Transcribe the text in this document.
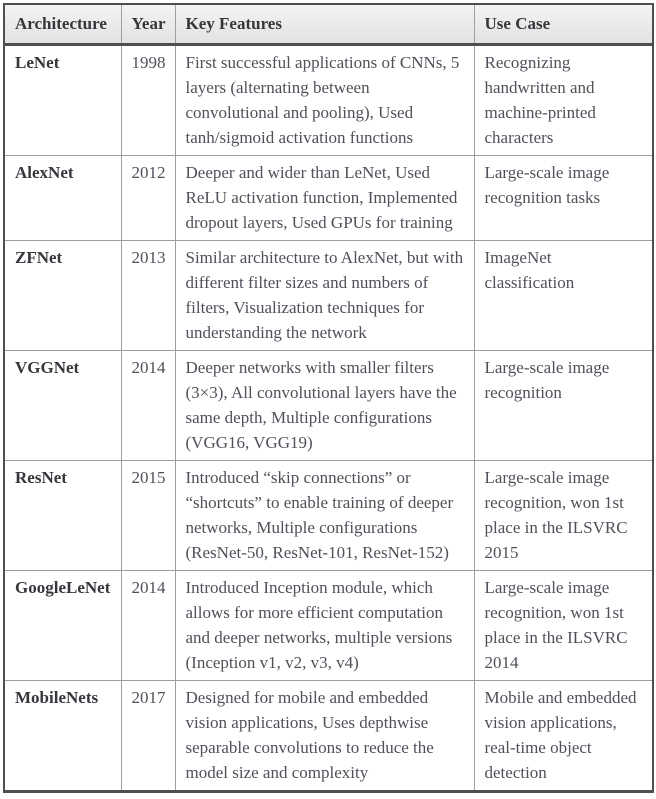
Architecture	Year	Key Features	Use Case
LeNet	1998	First successful applications of CNNs, 5 layers (alternating between convolutional and pooling), Used tanh/sigmoid activation functions	Recognizing handwritten and machine-printed characters
AlexNet	2012	Deeper and wider than LeNet, Used ReLU activation function, Implemented dropout layers, Used GPUs for training	Large-scale image recognition tasks
ZFNet	2013	Similar architecture to AlexNet, but with different filter sizes and numbers of filters, Visualization techniques for understanding the network	ImageNet classification
VGGNet	2014	Deeper networks with smaller filters (3×3), All convolutional layers have the same depth, Multiple configurations (VGG16, VGG19)	Large-scale image recognition
ResNet	2015	Introduced “skip connections” or “shortcuts” to enable training of deeper networks, Multiple configurations (ResNet-50, ResNet-101, ResNet-152)	Large-scale image recognition, won 1st place in the ILSVRC 2015
GoogleLeNet	2014	Introduced Inception module, which allows for more efficient computation and deeper networks, multiple versions (Inception v1, v2, v3, v4)	Large-scale image recognition, won 1st place in the ILSVRC 2014
MobileNets	2017	Designed for mobile and embedded vision applications, Uses depthwise separable convolutions to reduce the model size and complexity	Mobile and embedded vision applications, real-time object detection
